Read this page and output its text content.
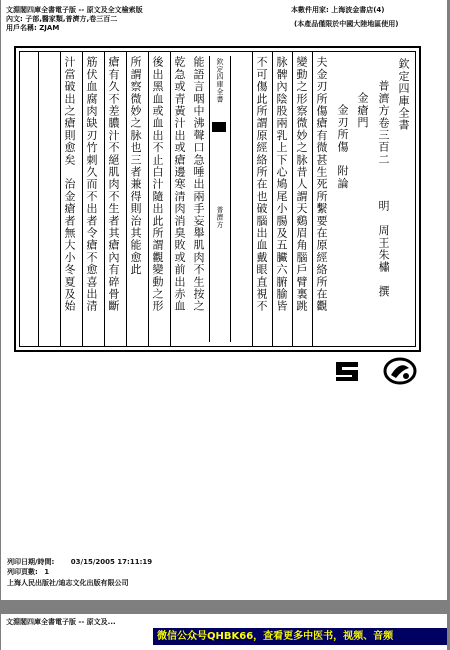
文淵閣四庫全書電子版 -- 原文及全文檢索版
內文: 子部,醫家類,普濟方,卷三百二
用戶名稱: ZJAM
本數件用家: 上海波金書店(4)
(本產品僅限於中國大陸地區使用)
欽定四庫全書
普濟方卷三百二
明　周王朱橚　撰
金瘡門
金刃所傷　附論
夫金刃所傷瘡有微甚生死所繫要在原經絡所在觀
變動之形察微妙之脉昔人謂天鷄眉角腦戶臂裏跳
脉髀內陰股兩乳上下心鳩尾小腸及五臟六腑腧皆
不可傷此所謂原經絡所在也破腦出血戴眼直視不
欽定四庫全書
普濟方
能語言咽中沸聲口急唾出兩手妄舉肌肉不生按之
乾急或青黃汁出或瘡邊寒清肉消臭敗或前出赤血
後出黑血或血出不止白汁隨出此所謂觀變動之形
所謂察微妙之脉也三者兼得則治其能愈此
瘡有久不差膿汁不絕肌肉不生者其瘡內有碎骨斷
筋伏血腐肉缺刃竹刺久而不出者令瘡不愈喜出清
汁當破出之瘡則愈矣　治金瘡者無大小冬夏及始
列印日期/時間: 03/15/2005 17:11:19
列印頁數: 1
上海人民出版社/迪志文化出版有限公司
文淵閣四庫全書電子版 -- 原文及...
微信公众号QHBK66，查看更多中医书，视频、音频
